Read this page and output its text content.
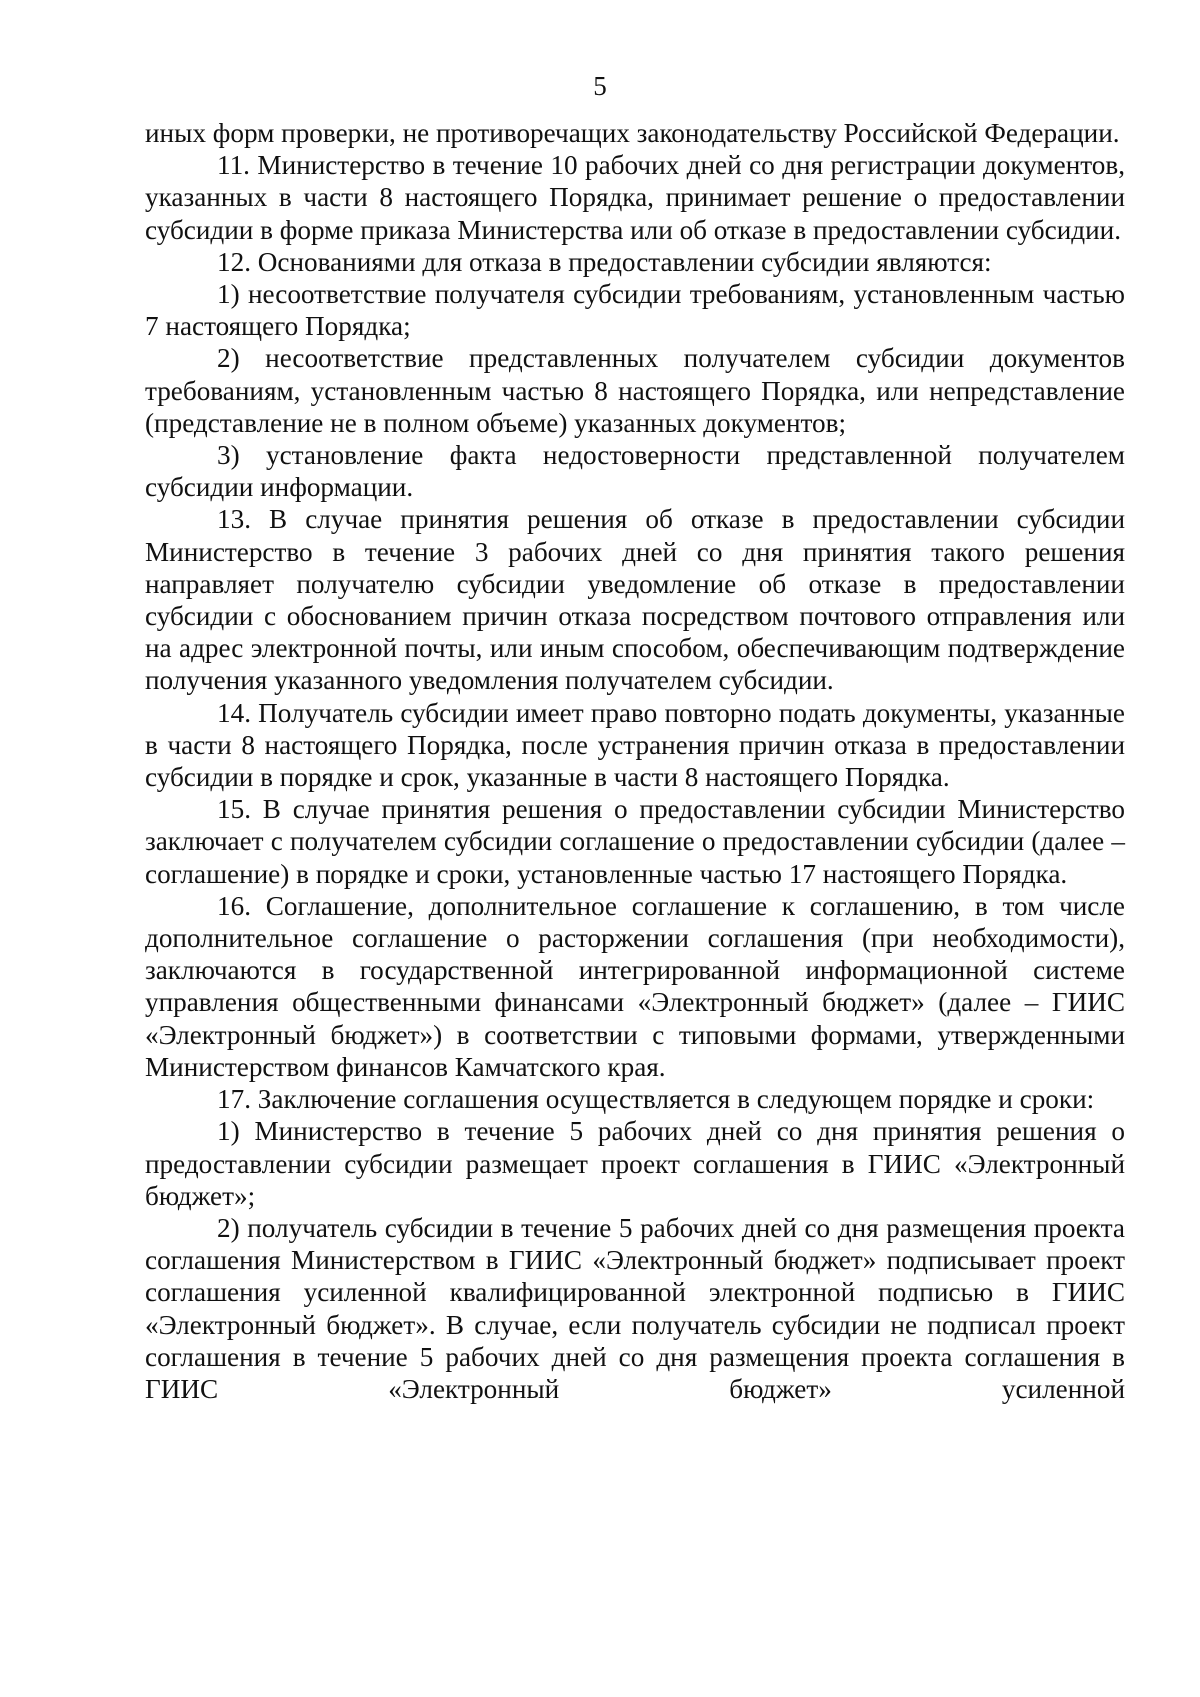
5

иных форм проверки, не противоречащих законодательству Российской Федерации.

11. Министерство в течение 10 рабочих дней со дня регистрации документов, указанных в части 8 настоящего Порядка, принимает решение о предоставлении субсидии в форме приказа Министерства или об отказе в предоставлении субсидии.

12. Основаниями для отказа в предоставлении субсидии являются:

1) несоответствие получателя субсидии требованиям, установленным частью 7 настоящего Порядка;

2) несоответствие представленных получателем субсидии документов требованиям, установленным частью 8 настоящего Порядка, или непредставление (представление не в полном объеме) указанных документов;

3) установление факта недостоверности представленной получателем субсидии информации.

13. В случае принятия решения об отказе в предоставлении субсидии Министерство в течение 3 рабочих дней со дня принятия такого решения направляет получателю субсидии уведомление об отказе в предоставлении субсидии с обоснованием причин отказа посредством почтового отправления или на адрес электронной почты, или иным способом, обеспечивающим подтверждение получения указанного уведомления получателем субсидии.

14. Получатель субсидии имеет право повторно подать документы, указанные в части 8 настоящего Порядка, после устранения причин отказа в предоставлении субсидии в порядке и срок, указанные в части 8 настоящего Порядка.

15. В случае принятия решения о предоставлении субсидии Министерство заключает с получателем субсидии соглашение о предоставлении субсидии (далее – соглашение) в порядке и сроки, установленные частью 17 настоящего Порядка.

16. Соглашение, дополнительное соглашение к соглашению, в том числе дополнительное соглашение о расторжении соглашения (при необходимости), заключаются в государственной интегрированной информационной системе управления общественными финансами «Электронный бюджет» (далее – ГИИС «Электронный бюджет») в соответствии с типовыми формами, утвержденными Министерством финансов Камчатского края.

17. Заключение соглашения осуществляется в следующем порядке и сроки:

1) Министерство в течение 5 рабочих дней со дня принятия решения о предоставлении субсидии размещает проект соглашения в ГИИС «Электронный бюджет»;

2) получатель субсидии в течение 5 рабочих дней со дня размещения проекта соглашения Министерством в ГИИС «Электронный бюджет» подписывает проект соглашения усиленной квалифицированной электронной подписью в ГИИС «Электронный бюджет». В случае, если получатель субсидии не подписал проект соглашения в течение 5 рабочих дней со дня размещения проекта соглашения в ГИИС «Электронный бюджет» усиленной
